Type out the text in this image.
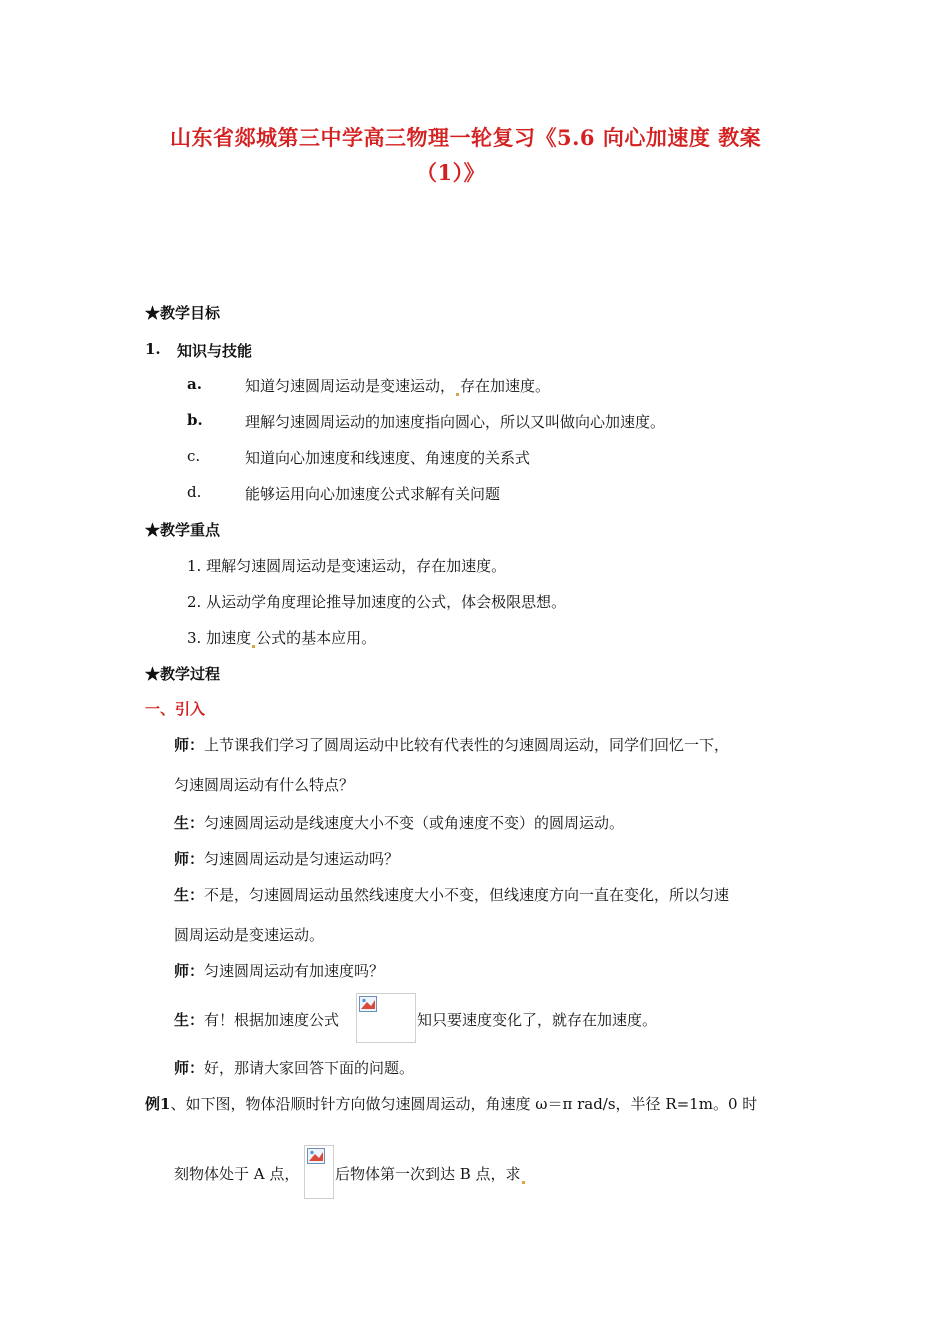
山东省郯城第三中学高三物理一轮复习《5.6 向心加速度 教案
（1）》
★教学目标
1. 知识与技能
a.	知道匀速圆周运动是变速运动， 存在加速度。
b.	理解匀速圆周运动的加速度指向圆心，所以又叫做向心加速度。
c.	知道向心加速度和线速度、角速度的关系式
d.	能够运用向心加速度公式求解有关问题
★教学重点
1. 理解匀速圆周运动是变速运动，存在加速度。
2. 从运动学角度理论推导加速度的公式，体会极限思想。
3. 加速度 公式的基本应用。
★教学过程
一、引入
师：上节课我们学习了圆周运动中比较有代表性的匀速圆周运动，同学们回忆一下，
匀速圆周运动有什么特点？
生：匀速圆周运动是线速度大小不变（或角速度不变）的圆周运动。
师：匀速圆周运动是匀速运动吗？
生：不是，匀速圆周运动虽然线速度大小不变，但线速度方向一直在变化，所以匀速
圆周运动是变速运动。
师：匀速圆周运动有加速度吗？
生：有！根据加速度公式	知只要速度变化了，就存在加速度。
师：好，那请大家回答下面的问题。
例1、如下图，物体沿顺时针方向做匀速圆周运动，角速度 ω＝π rad/s，半径 R=1m。0 时
刻物体处于 A 点， 后物体第一次到达 B 点，求
